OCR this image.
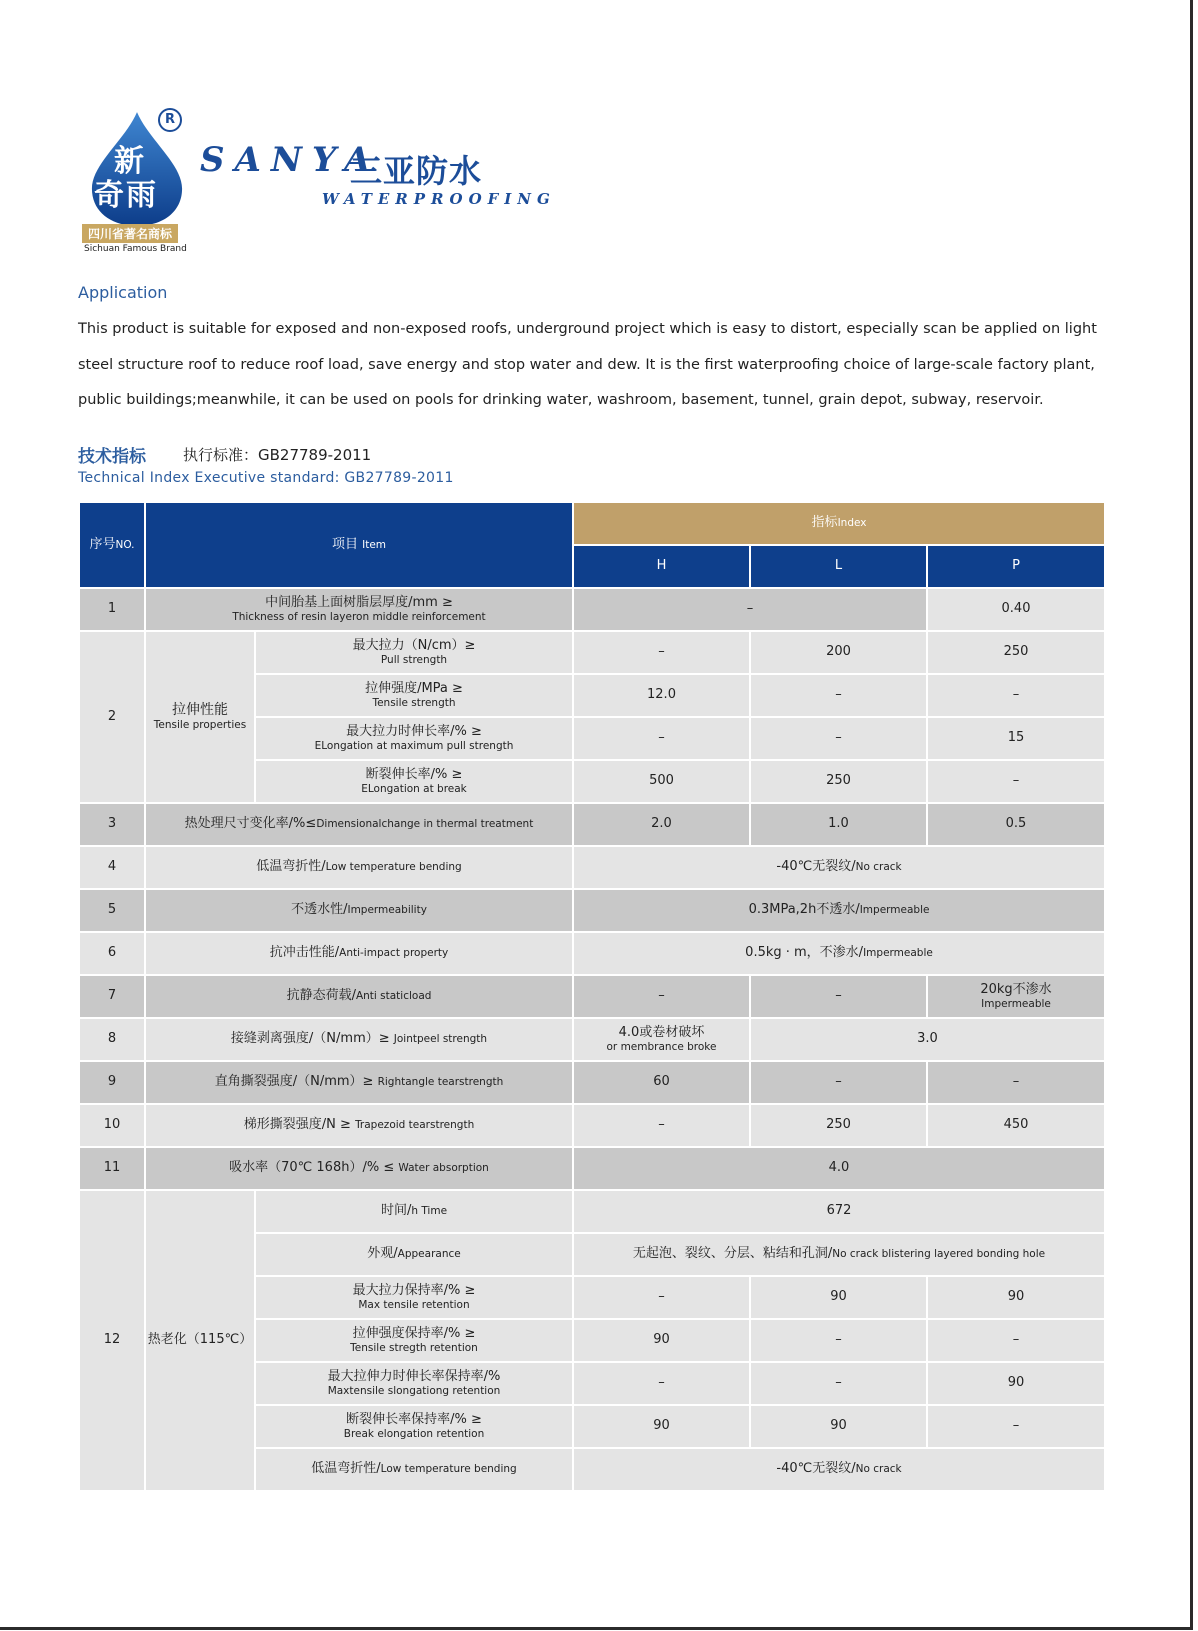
新
奇雨
R
四川省著名商标
Sichuan Famous Brand
SANYA
三亚防水
WATERPROOFING
Application
This product is suitable for exposed and non-exposed roofs, underground project which is easy to distort, especially scan be applied on light steel structure roof to reduce roof load, save energy and stop water and dew. It is the first waterproofing choice of large-scale factory plant, public buildings;meanwhile, it can be used on pools for drinking water, washroom, basement, tunnel, grain depot, subway, reservoir.
技术指标 执行标准：GB27789-2011
Technical Index Executive standard: GB27789-2011
序号NO.	项目 Item		指标Index		
			H	L	P
1	中间胎基上面树脂层厚度/mm ≥
Thickness of resin layeron middle reinforcement		–		0.40
2	拉伸性能
Tensile properties	最大拉力（N/cm）≥
Pull strength	–	200	250
		拉伸强度/MPa ≥
Tensile strength	12.0	–	–
		最大拉力时伸长率/% ≥
ELongation at maximum pull strength	–	–	15
		断裂伸长率/% ≥
ELongation at break	500	250	–
3	热处理尺寸变化率/%≤Dimensionalchange in thermal treatment		2.0	1.0	0.5
4	低温弯折性/Low temperature bending		-40℃无裂纹/No crack		
5	不透水性/Impermeability		0.3MPa,2h不透水/Impermeable		
6	抗冲击性能/Anti-impact property		0.5kg · m，不渗水/Impermeable		
7	抗静态荷载/Anti staticload		–	–	20kg不渗水
Impermeable

8	接缝剥离强度/（N/mm）≥ Jointpeel strength		4.0或卷材破坏
or membrance broke	3.0	
9	直角撕裂强度/（N/mm）≥ Rightangle tearstrength		60	–	–
10	梯形撕裂强度/N ≥ Trapezoid tearstrength		–	250	450
11	吸水率（70℃ 168h）/% ≤ Water absorption		4.0		
12	热老化（115℃）	时间/h Time	672		
		外观/Appearance	无起泡、裂纹、分层、粘结和孔洞/No crack blistering layered bonding hole		
		最大拉力保持率/% ≥
Max tensile retention	–	90	90
		拉伸强度保持率/% ≥
Tensile stregth retention	90	–	–
		最大拉伸力时伸长率保持率/%
Maxtensile slongationg retention	–	–	90
		断裂伸长率保持率/% ≥
Break elongation retention	90	90	–
		低温弯折性/Low temperature bending	-40℃无裂纹/No crack		
